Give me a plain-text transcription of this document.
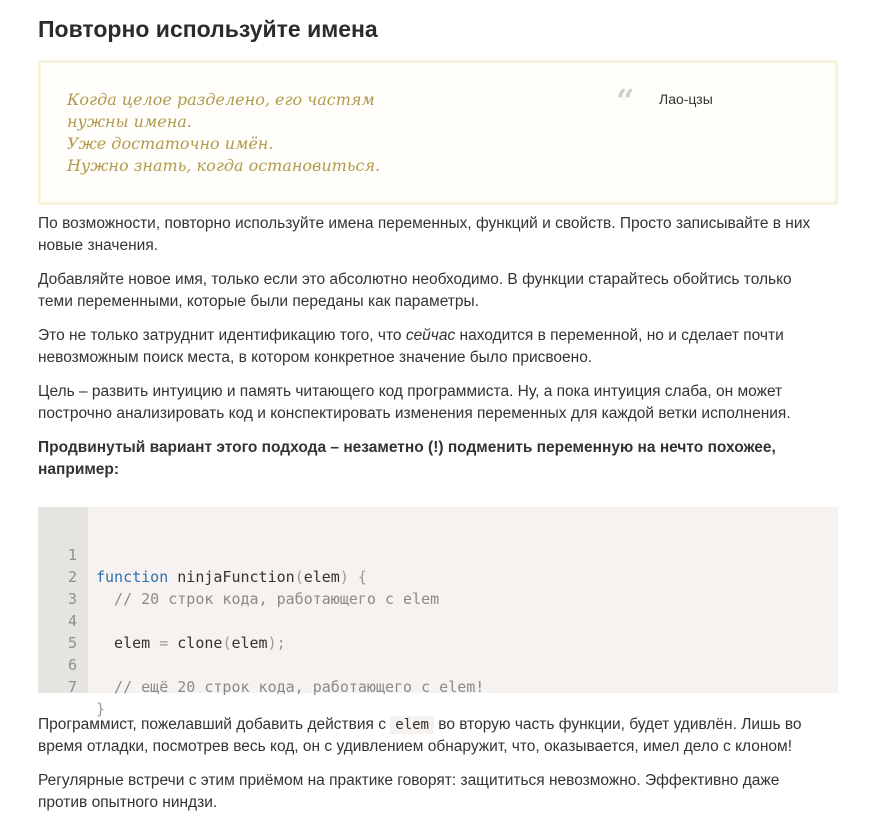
Повторно используйте имена
Когда целое разделено, его частям
нужны имена.
Уже достаточно имён.
Нужно знать, когда остановиться.
“ Лао-цзы

По возможности, повторно используйте имена переменных, функций и свойств. Просто записывайте в них
новые значения.

Добавляйте новое имя, только если это абсолютно необходимо. В функции старайтесь обойтись только
теми переменными, которые были переданы как параметры.

Это не только затруднит идентификацию того, что сейчас находится в переменной, но и сделает почти
невозможным поиск места, в котором конкретное значение было присвоено.

Цель – развить интуицию и память читающего код программиста. Ну, а пока интуиция слаба, он может
построчно анализировать код и конспектировать изменения переменных для каждой ветки исполнения.

Продвинутый вариант этого подхода – незаметно (!) подменить переменную на нечто похожее,
например:

1

function ninjaFunction(elem) {

2

// 20 строк кода, работающего с elem

3

4

elem = clone(elem);

5

6

// ещё 20 строк кода, работающего с elem!

7

}

Программист, пожелавший добавить действия с elem во вторую часть функции, будет удивлён. Лишь во
время отладки, посмотрев весь код, он с удивлением обнаружит, что, оказывается, имел дело с клоном!

Регулярные встречи с этим приёмом на практике говорят: защититься невозможно. Эффективно даже
против опытного ниндзи.
